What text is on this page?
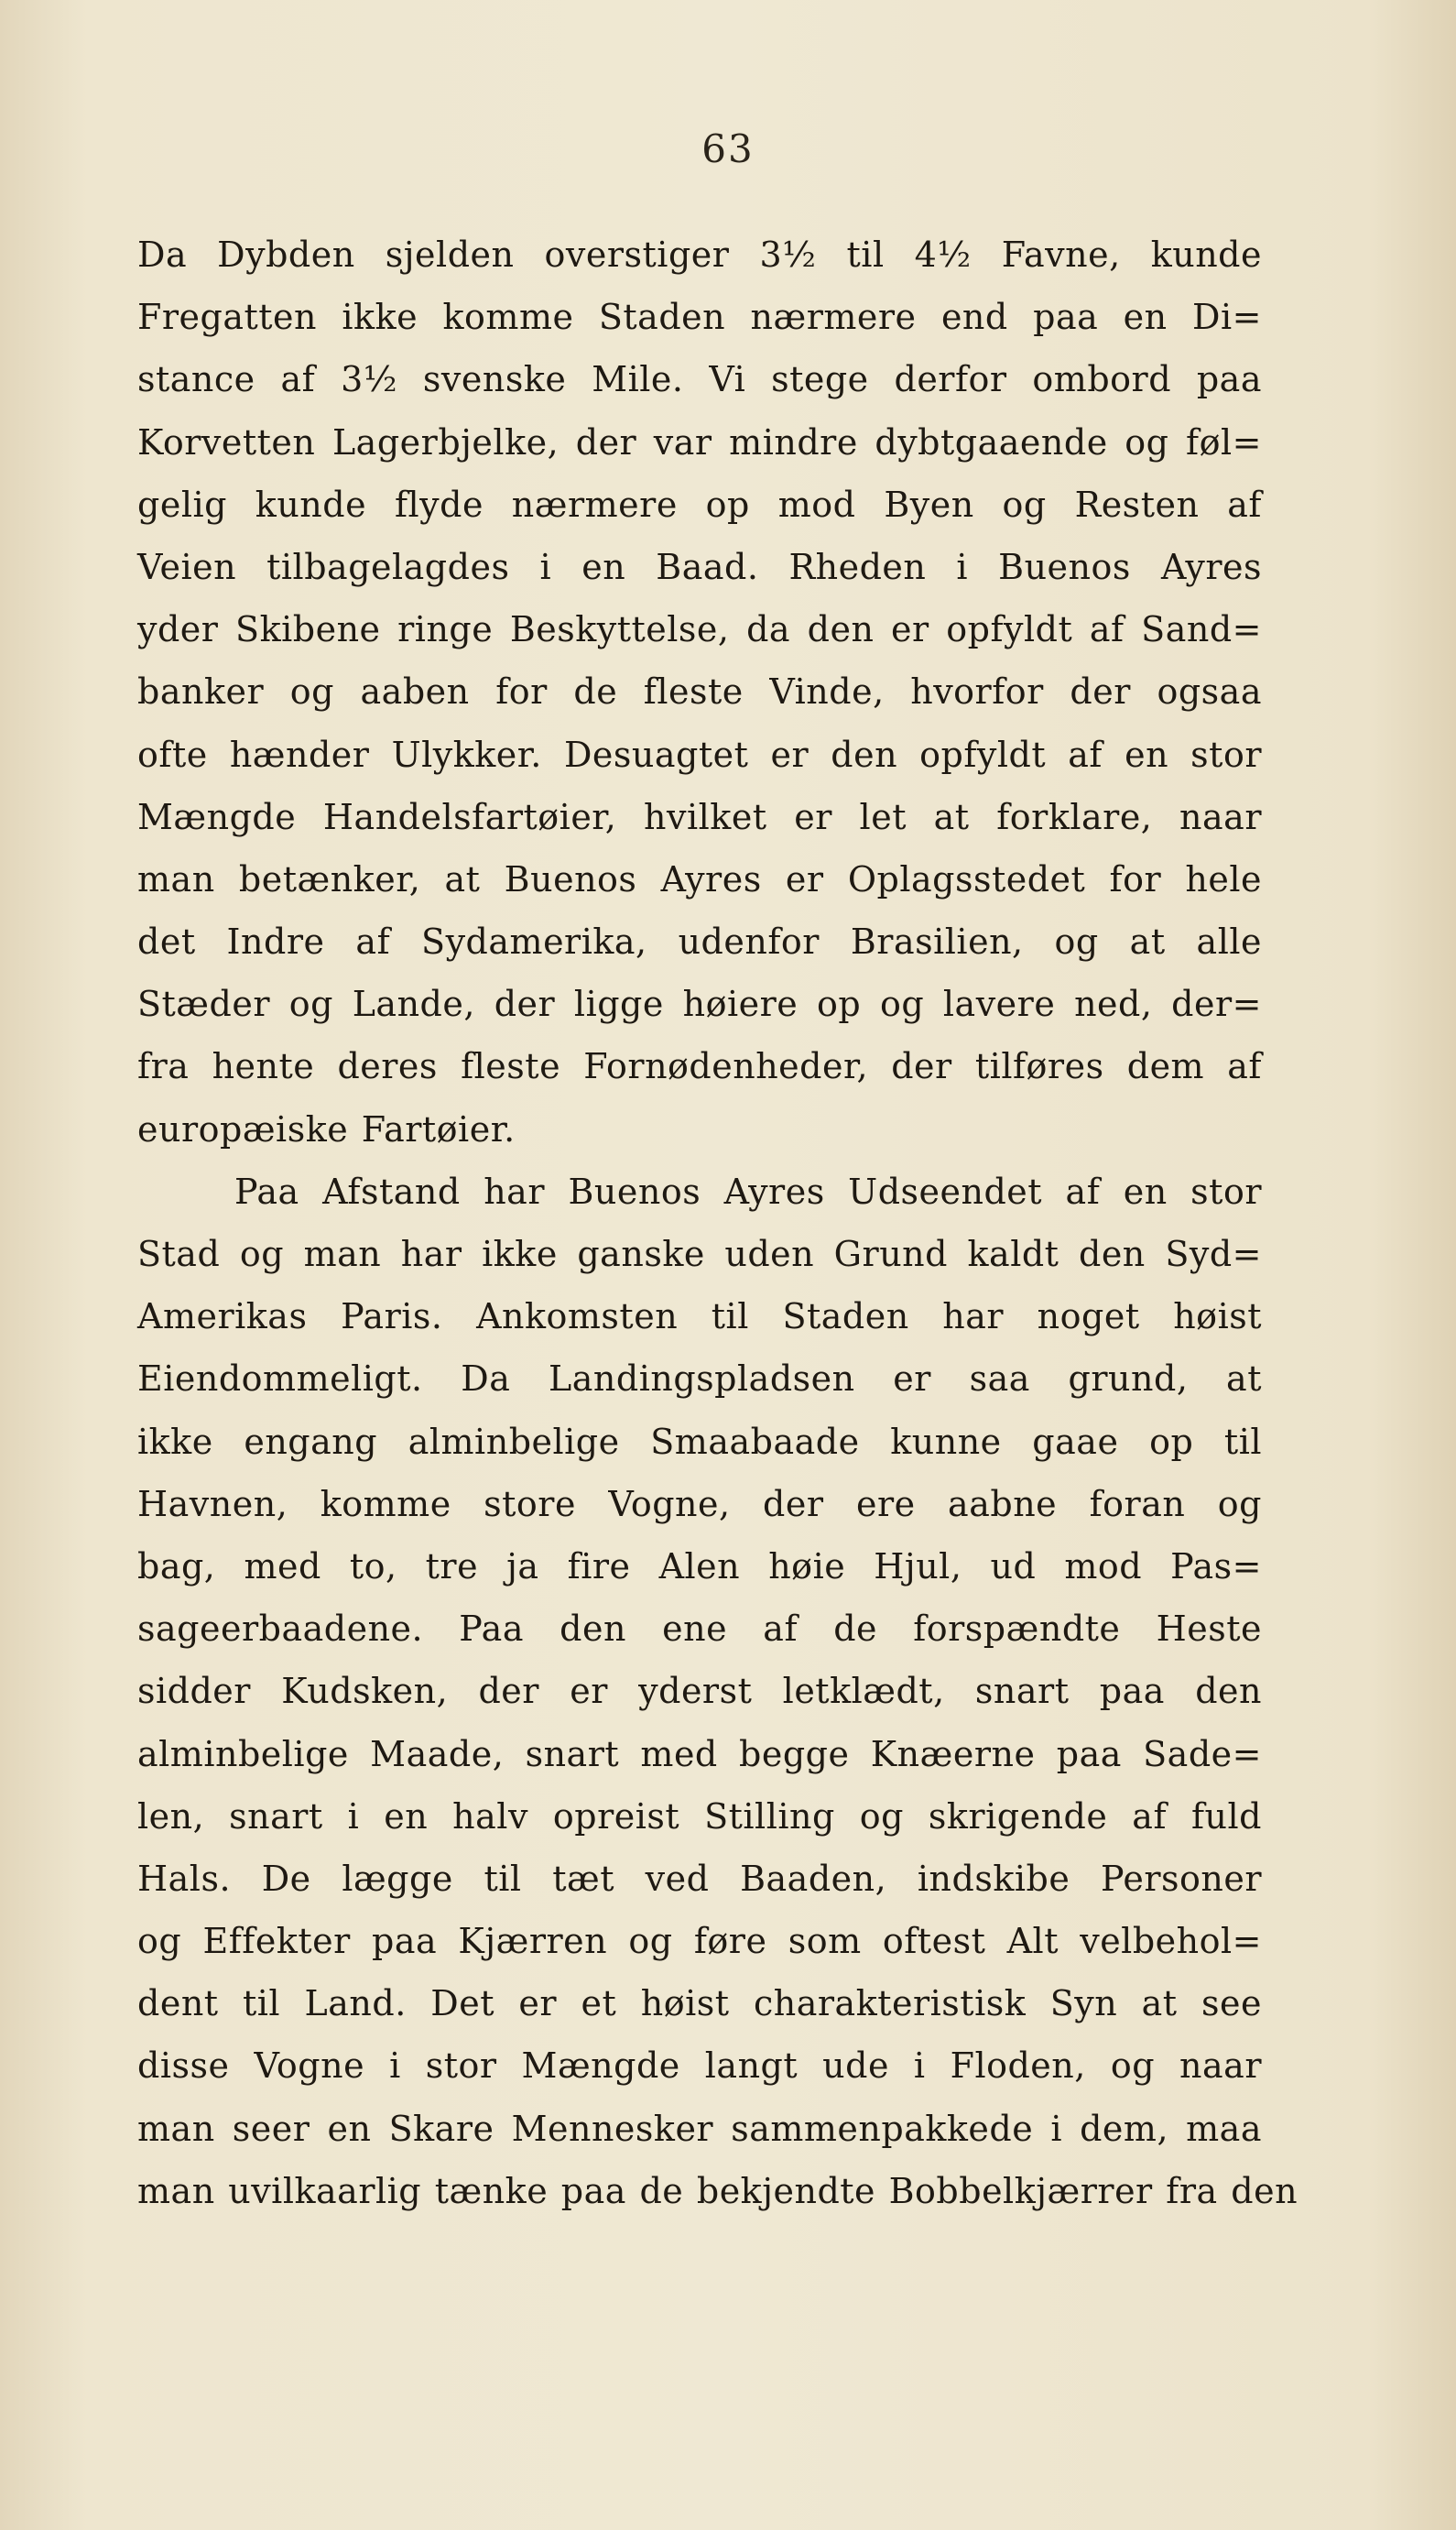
63
Da Dybden sjelden overstiger 3½ til 4½ Favne, kunde
Fregatten ikke komme Staden nærmere end paa en Di=
stance af 3½ svenske Mile. Vi stege derfor ombord paa
Korvetten Lagerbjelke, der var mindre dybtgaaende og føl=
gelig kunde flyde nærmere op mod Byen og Resten af
Veien tilbagelagdes i en Baad. Rheden i Buenos Ayres
yder Skibene ringe Beskyttelse, da den er opfyldt af Sand=
banker og aaben for de fleste Vinde, hvorfor der ogsaa
ofte hænder Ulykker. Desuagtet er den opfyldt af en stor
Mængde Handelsfartøier, hvilket er let at forklare, naar
man betænker, at Buenos Ayres er Oplagsstedet for hele
det Indre af Sydamerika, udenfor Brasilien, og at alle
Stæder og Lande, der ligge høiere op og lavere ned, der=
fra hente deres fleste Fornødenheder, der tilføres dem af
europæiske Fartøier.
Paa Afstand har Buenos Ayres Udseendet af en stor
Stad og man har ikke ganske uden Grund kaldt den Syd=
Amerikas Paris. Ankomsten til Staden har noget høist
Eiendommeligt. Da Landingspladsen er saa grund, at
ikke engang alminbelige Smaabaade kunne gaae op til
Havnen, komme store Vogne, der ere aabne foran og
bag, med to, tre ja fire Alen høie Hjul, ud mod Pas=
sageerbaadene. Paa den ene af de forspændte Heste
sidder Kudsken, der er yderst letklædt, snart paa den
alminbelige Maade, snart med begge Knæerne paa Sade=
len, snart i en halv opreist Stilling og skrigende af fuld
Hals. De lægge til tæt ved Baaden, indskibe Personer
og Effekter paa Kjærren og føre som oftest Alt velbehol=
dent til Land. Det er et høist charakteristisk Syn at see
disse Vogne i stor Mængde langt ude i Floden, og naar
man seer en Skare Mennesker sammenpakkede i dem, maa
man uvilkaarlig tænke paa de bekjendte Bobbelkjærrer fra den
